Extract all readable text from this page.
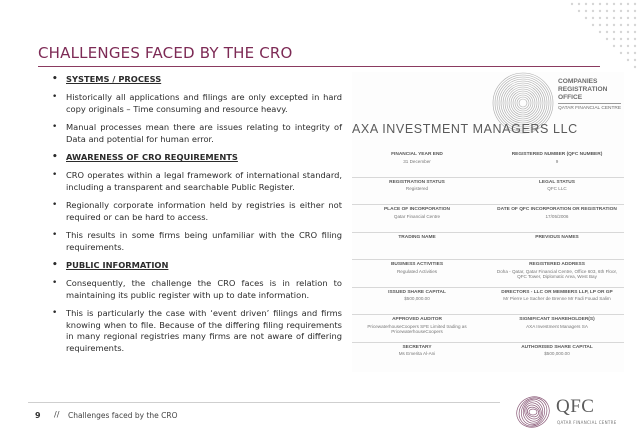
CHALLENGES FACED BY THE CRO
• SYSTEMS / PROCESS
• Historically all applications and filings are only excepted in hard copy originals – Time consuming and resource heavy.
• Manual processes mean there are issues relating to integrity of Data and potential for human error.
• AWARENESS OF CRO REQUIREMENTS
• CRO operates within a legal framework of international standard, including a transparent and searchable Public Register.
• Regionally corporate information held by registries is either not required or can be hard to access.
• This results in some firms being unfamiliar with the CRO filing requirements.
• PUBLIC INFORMATION
• Consequently, the challenge the CRO faces is in relation to maintaining its public register with up to date information.
• This is particularly the case with ‘event driven’ filings and firms knowing when to file. Because of the differing filing requirements in many regional registries many firms are not aware of differing requirements.
COMPANIES
REGISTRATION
OFFICE
QATAR FINANCIAL CENTRE
AXA INVESTMENT MANAGERS LLC
FINANCIAL YEAR END
31 December
REGISTERED NUMBER (QFC NUMBER)
9
REGISTRATION STATUS
Registered
LEGAL STATUS
QFC LLC
PLACE OF INCORPORATION
Qatar Financial Centre
DATE OF QFC INCORPORATION OR REGISTRATION
17/05/2006
TRADING NAME	PREVIOUS NAMES
BUSINESS ACTIVITIES
Regulated Activities
REGISTERED ADDRESS
Doha - Qatar, Qatar Financial Centre, Office 603, 6th Floor, QFC Tower, Diplomatic Area, West Bay
ISSUED SHARE CAPITAL
$500,000.00
DIRECTORS - LLC OR MEMBERS LLP, LP OR GP
Mr Pierre Le Sacher de Brenne Mr Fadi Fouad Salim
APPROVED AUDITOR
PricewaterhouseCoopers SFE Limited trading as PricewaterhouseCoopers
SIGNIFICANT SHAREHOLDER(S)
AXA Investment Managers SA
SECRETARY
Ms Emerita Al-Ani
AUTHORISED SHARE CAPITAL
$500,000.00
9 // Challenges faced by the CRO	QFC
QATAR FINANCIAL CENTRE
